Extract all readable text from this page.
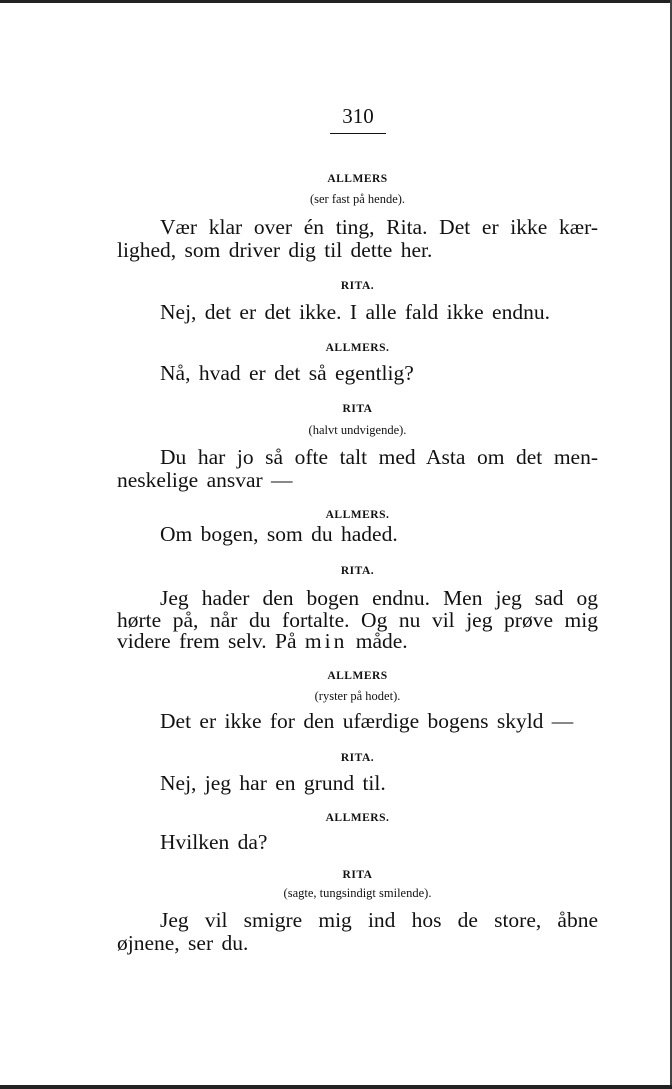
310
ALLMERS
(ser fast på hende).
Vær klar over én ting, Rita. Det er ikke kær-
lighed, som driver dig til dette her.
RITA.
Nej, det er det ikke. I alle fald ikke endnu.
ALLMERS.
Nå, hvad er det så egentlig?
RITA
(halvt undvigende).
Du har jo så ofte talt med Asta om det men-
neskelige ansvar —
ALLMERS.
Om bogen, som du haded.
RITA.
Jeg hader den bogen endnu. Men jeg sad og
hørte på, når du fortalte. Og nu vil jeg prøve mig
videre frem selv. På min måde.
ALLMERS
(ryster på hodet).
Det er ikke for den ufærdige bogens skyld —
RITA.
Nej, jeg har en grund til.
ALLMERS.
Hvilken da?
RITA
(sagte, tungsindigt smilende).
Jeg vil smigre mig ind hos de store, åbne
øjnene, ser du.
